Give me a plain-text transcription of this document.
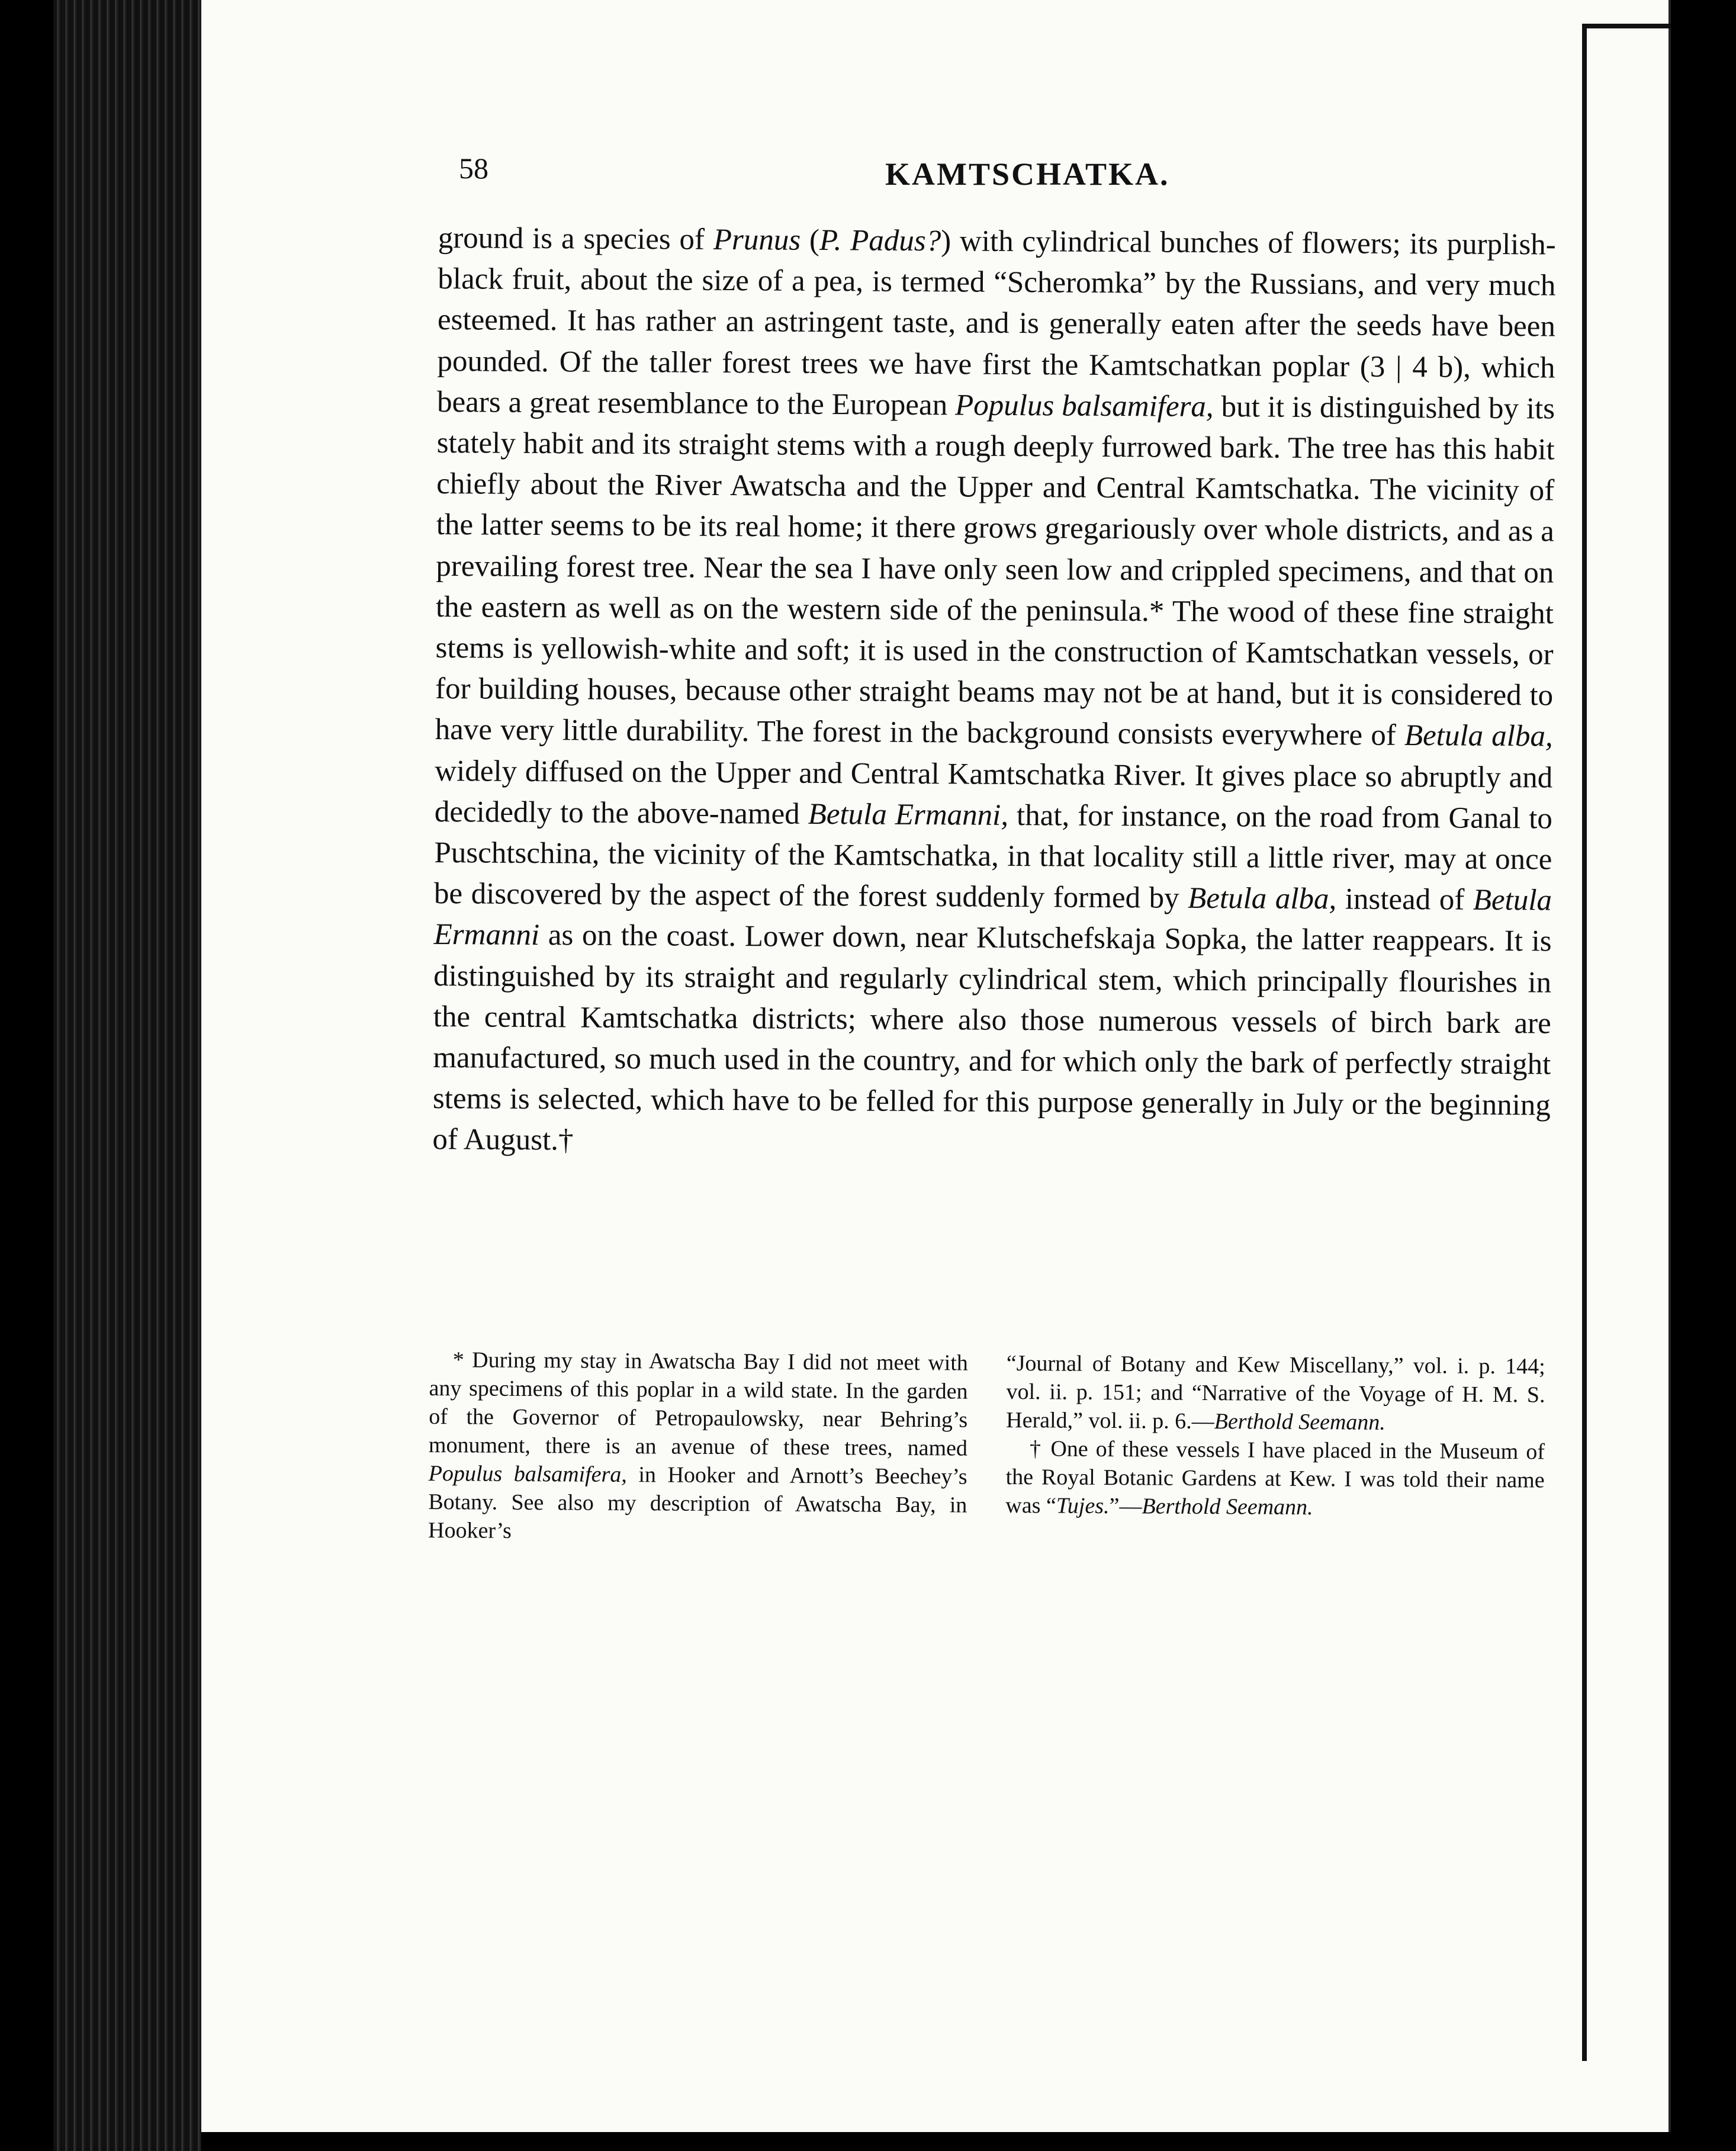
58	KAMTSCHATKA.

ground is a species of Prunus (P. Padus?) with cylindrical bunches of flowers; its purplish-black fruit, about the size of a pea, is termed “Scheromka” by the Russians, and very much esteemed. It has rather an astringent taste, and is generally eaten after the seeds have been pounded. Of the taller forest trees we have first the Kamtschatkan poplar (3 | 4 b), which bears a great resemblance to the European Populus balsamifera, but it is distinguished by its stately habit and its straight stems with a rough deeply furrowed bark. The tree has this habit chiefly about the River Awatscha and the Upper and Central Kamtschatka. The vicinity of the latter seems to be its real home; it there grows gregariously over whole districts, and as a prevailing forest tree. Near the sea I have only seen low and crippled specimens, and that on the eastern as well as on the western side of the peninsula.* The wood of these fine straight stems is yellowish-white and soft; it is used in the construction of Kamtschatkan vessels, or for building houses, because other straight beams may not be at hand, but it is considered to have very little durability. The forest in the background consists everywhere of Betula alba, widely diffused on the Upper and Central Kamtschatka River. It gives place so abruptly and decidedly to the above-named Betula Ermanni, that, for instance, on the road from Ganal to Puschtschina, the vicinity of the Kamtschatka, in that locality still a little river, may at once be discovered by the aspect of the forest suddenly formed by Betula alba, instead of Betula Ermanni as on the coast. Lower down, near Klutschefskaja Sopka, the latter reappears. It is distinguished by its straight and regularly cylindrical stem, which principally flourishes in the central Kamtschatka districts; where also those numerous vessels of birch bark are manufactured, so much used in the country, and for which only the bark of perfectly straight stems is selected, which have to be felled for this purpose generally in July or the beginning of August.†

* During my stay in Awatscha Bay I did not meet with any specimens of this poplar in a wild state. In the garden of the Governor of Petropaulowsky, near Behring’s monument, there is an avenue of these trees, named Populus balsamifera, in Hooker and Arnott’s Beechey’s Botany. See also my description of Awatscha Bay, in Hooker’s

“Journal of Botany and Kew Miscellany,” vol. i. p. 144; vol. ii. p. 151; and “Narrative of the Voyage of H. M. S. Herald,” vol. ii. p. 6.—Berthold Seemann.

† One of these vessels I have placed in the Museum of the Royal Botanic Gardens at Kew. I was told their name was “Tujes.”—Berthold Seemann.
